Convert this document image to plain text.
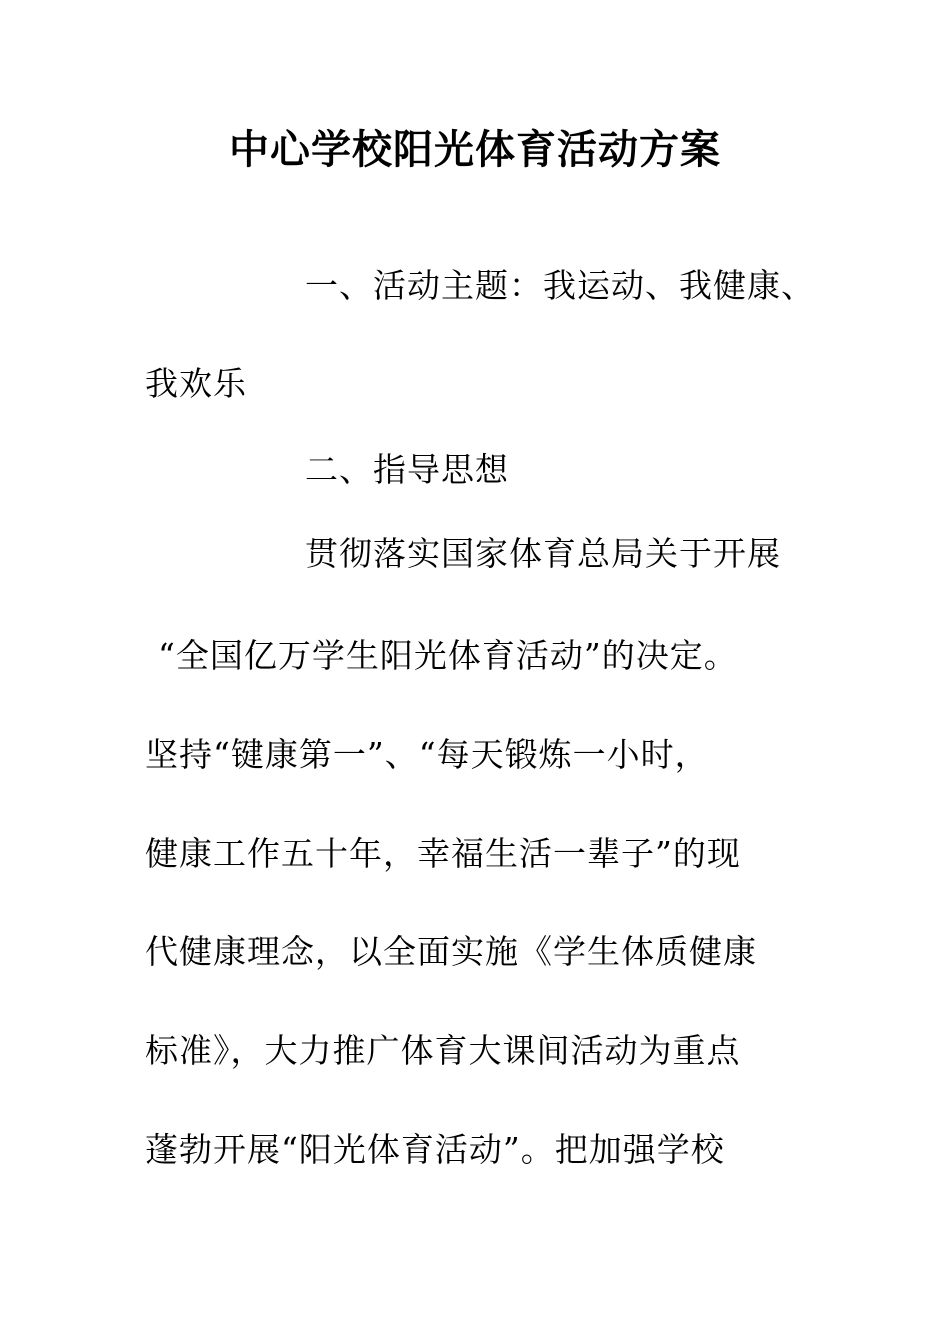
中心学校阳光体育活动方案
一、活动主题：我运动、我健康、
我欢乐
二、指导思想
贯彻落实国家体育总局关于开展
“全国亿万学生阳光体育活动”的决定。
坚持“键康第一”、“每天锻炼一小时，
健康工作五十年，幸福生活一辈子”的现
代健康理念，以全面实施《学生体质健康
标准》，大力推广体育大课间活动为重点
蓬勃开展“阳光体育活动”。把加强学校
